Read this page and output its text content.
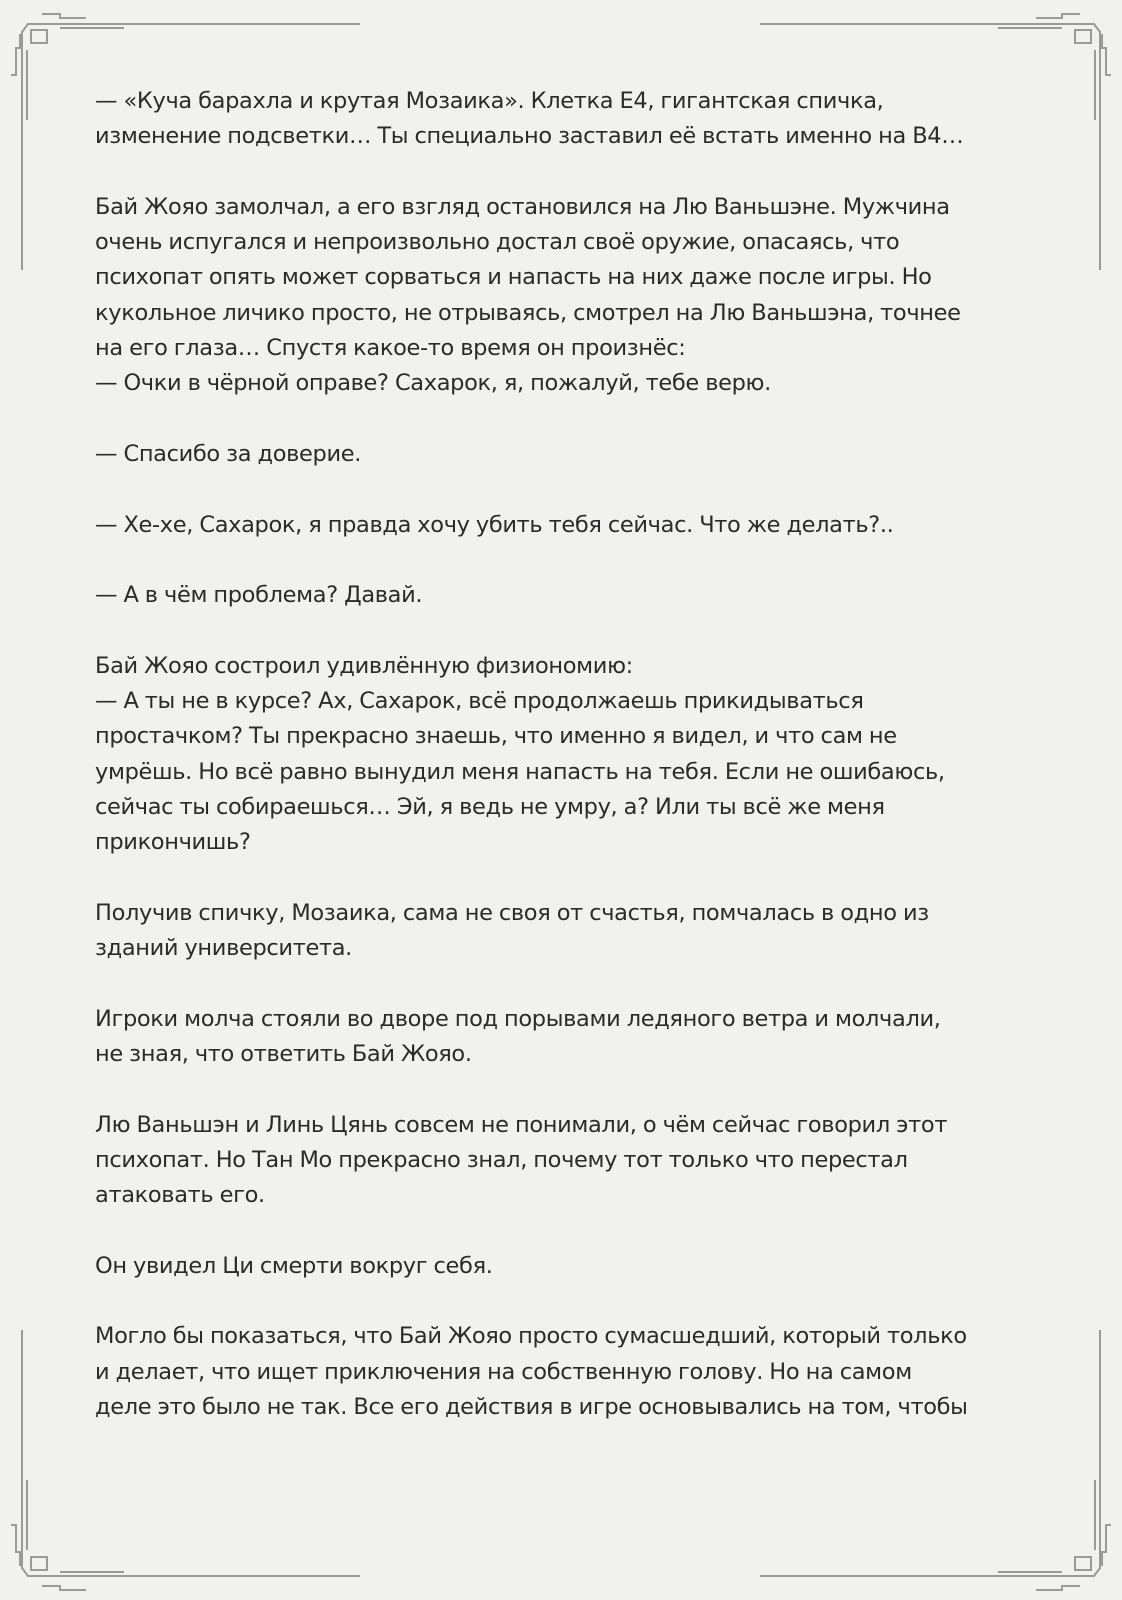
— «Куча барахла и крутая Мозаика». Клетка Е4, гигантская спичка,
изменение подсветки… Ты специально заставил её встать именно на В4…

Бай Жояо замолчал, а его взгляд остановился на Лю Ваньшэне. Мужчина
очень испугался и непроизвольно достал своё оружие, опасаясь, что
психопат опять может сорваться и напасть на них даже после игры. Но
кукольное личико просто, не отрываясь, смотрел на Лю Ваньшэна, точнее
на его глаза… Спустя какое-то время он произнёс:
— Очки в чёрной оправе? Сахарок, я, пожалуй, тебе верю.

— Спасибо за доверие.

— Хе-хе, Сахарок, я правда хочу убить тебя сейчас. Что же делать?..

— А в чём проблема? Давай.

Бай Жояо состроил удивлённую физиономию:
— А ты не в курсе? Ах, Сахарок, всё продолжаешь прикидываться
простачком? Ты прекрасно знаешь, что именно я видел, и что сам не
умрёшь. Но всё равно вынудил меня напасть на тебя. Если не ошибаюсь,
сейчас ты собираешься… Эй, я ведь не умру, а? Или ты всё же меня
прикончишь?

Получив спичку, Мозаика, сама не своя от счастья, помчалась в одно из
зданий университета.

Игроки молча стояли во дворе под порывами ледяного ветра и молчали,
не зная, что ответить Бай Жояо.

Лю Ваньшэн и Линь Цянь совсем не понимали, о чём сейчас говорил этот
психопат. Но Тан Мо прекрасно знал, почему тот только что перестал
атаковать его.

Он увидел Ци смерти вокруг себя.

Могло бы показаться, что Бай Жояо просто сумасшедший, который только
и делает, что ищет приключения на собственную голову. Но на самом
деле это было не так. Все его действия в игре основывались на том, чтобы
